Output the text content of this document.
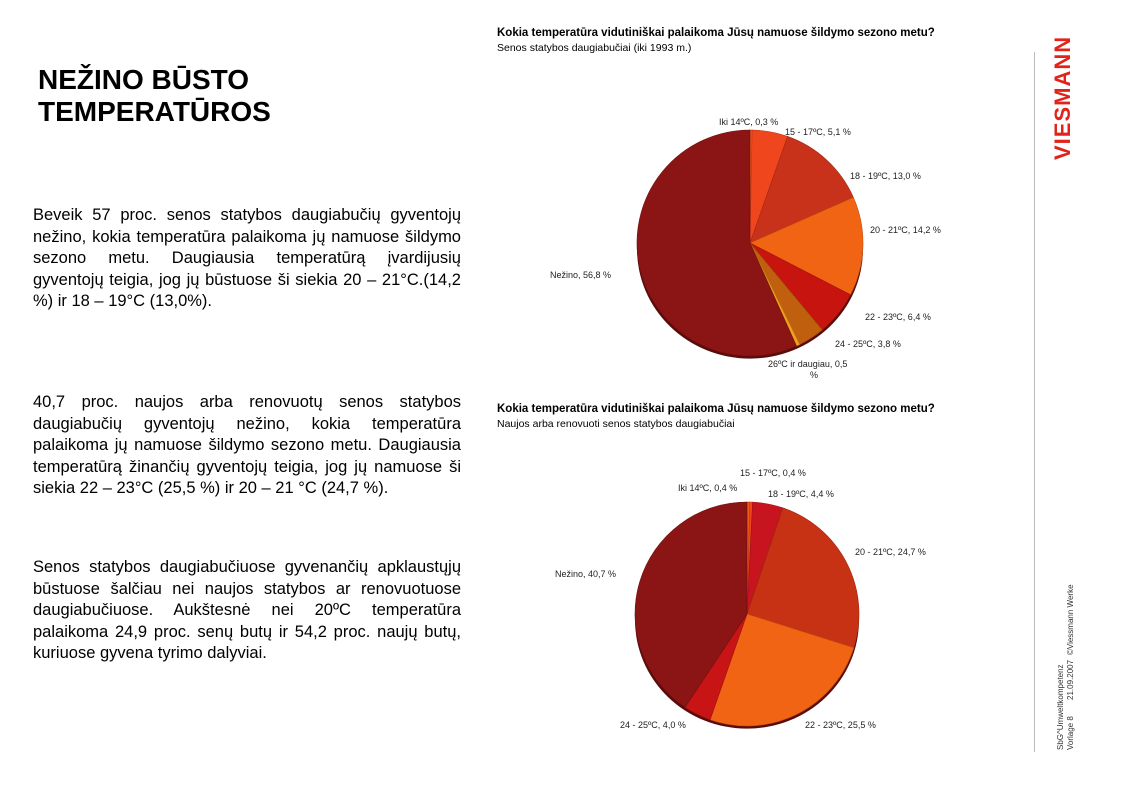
NEŽINO BŪSTO TEMPERATŪROS

Beveik 57 proc. senos statybos daugiabučių gyventojų nežino, kokia temperatūra palaikoma jų namuose šildymo sezono metu. Daugiausia temperatūrą įvardijusių gyventojų teigia, jog jų būstuose ši siekia 20 – 21°C.(14,2 %) ir 18 – 19°C (13,0%).

40,7 proc. naujos arba renovuotų senos statybos daugiabučių gyventojų nežino, kokia temperatūra palaikoma jų namuose šildymo sezono metu. Daugiausia temperatūrą žinančių gyventojų teigia, jog jų namuose ši siekia 22 – 23°C (25,5 %) ir 20 – 21 °C (24,7 %).

Senos statybos daugiabučiuose gyvenančių apklaustųjų būstuose šalčiau nei naujos statybos ar renovuotuose daugiabučiuose. Aukštesnė nei 20ºC temperatūra palaikoma 24,9 proc. senų butų ir 54,2 proc. naujų butų, kuriuose gyvena tyrimo dalyviai.

Kokia temperatūra vidutiniškai palaikoma Jūsų namuose šildymo sezono metu?
Senos statybos daugiabučiai (iki 1993 m.)
Iki 14ºC, 0,3 %
15 - 17ºC, 5,1 %
18 - 19ºC, 13,0 %
20 - 21ºC, 14,2 %
22 - 23ºC, 6,4 %
24 - 25ºC, 3,8 %
26ºC ir daugiau, 0,5 %
Nežino, 56,8 %
Kokia temperatūra vidutiniškai palaikoma Jūsų namuose šildymo sezono metu?
Naujos arba renovuoti senos statybos daugiabučiai
Iki 14ºC, 0,4 %
15 - 17ºC, 0,4 %
18 - 19ºC, 4,4 %
20 - 21ºC, 24,7 %
22 - 23ºC, 25,5 %
24 - 25ºC, 4,0 %
Nežino, 40,7 %
VIESMANN
SbG^Umweltkompetenz Vorlage 8
21.09.2007
©Viessmann Werke
